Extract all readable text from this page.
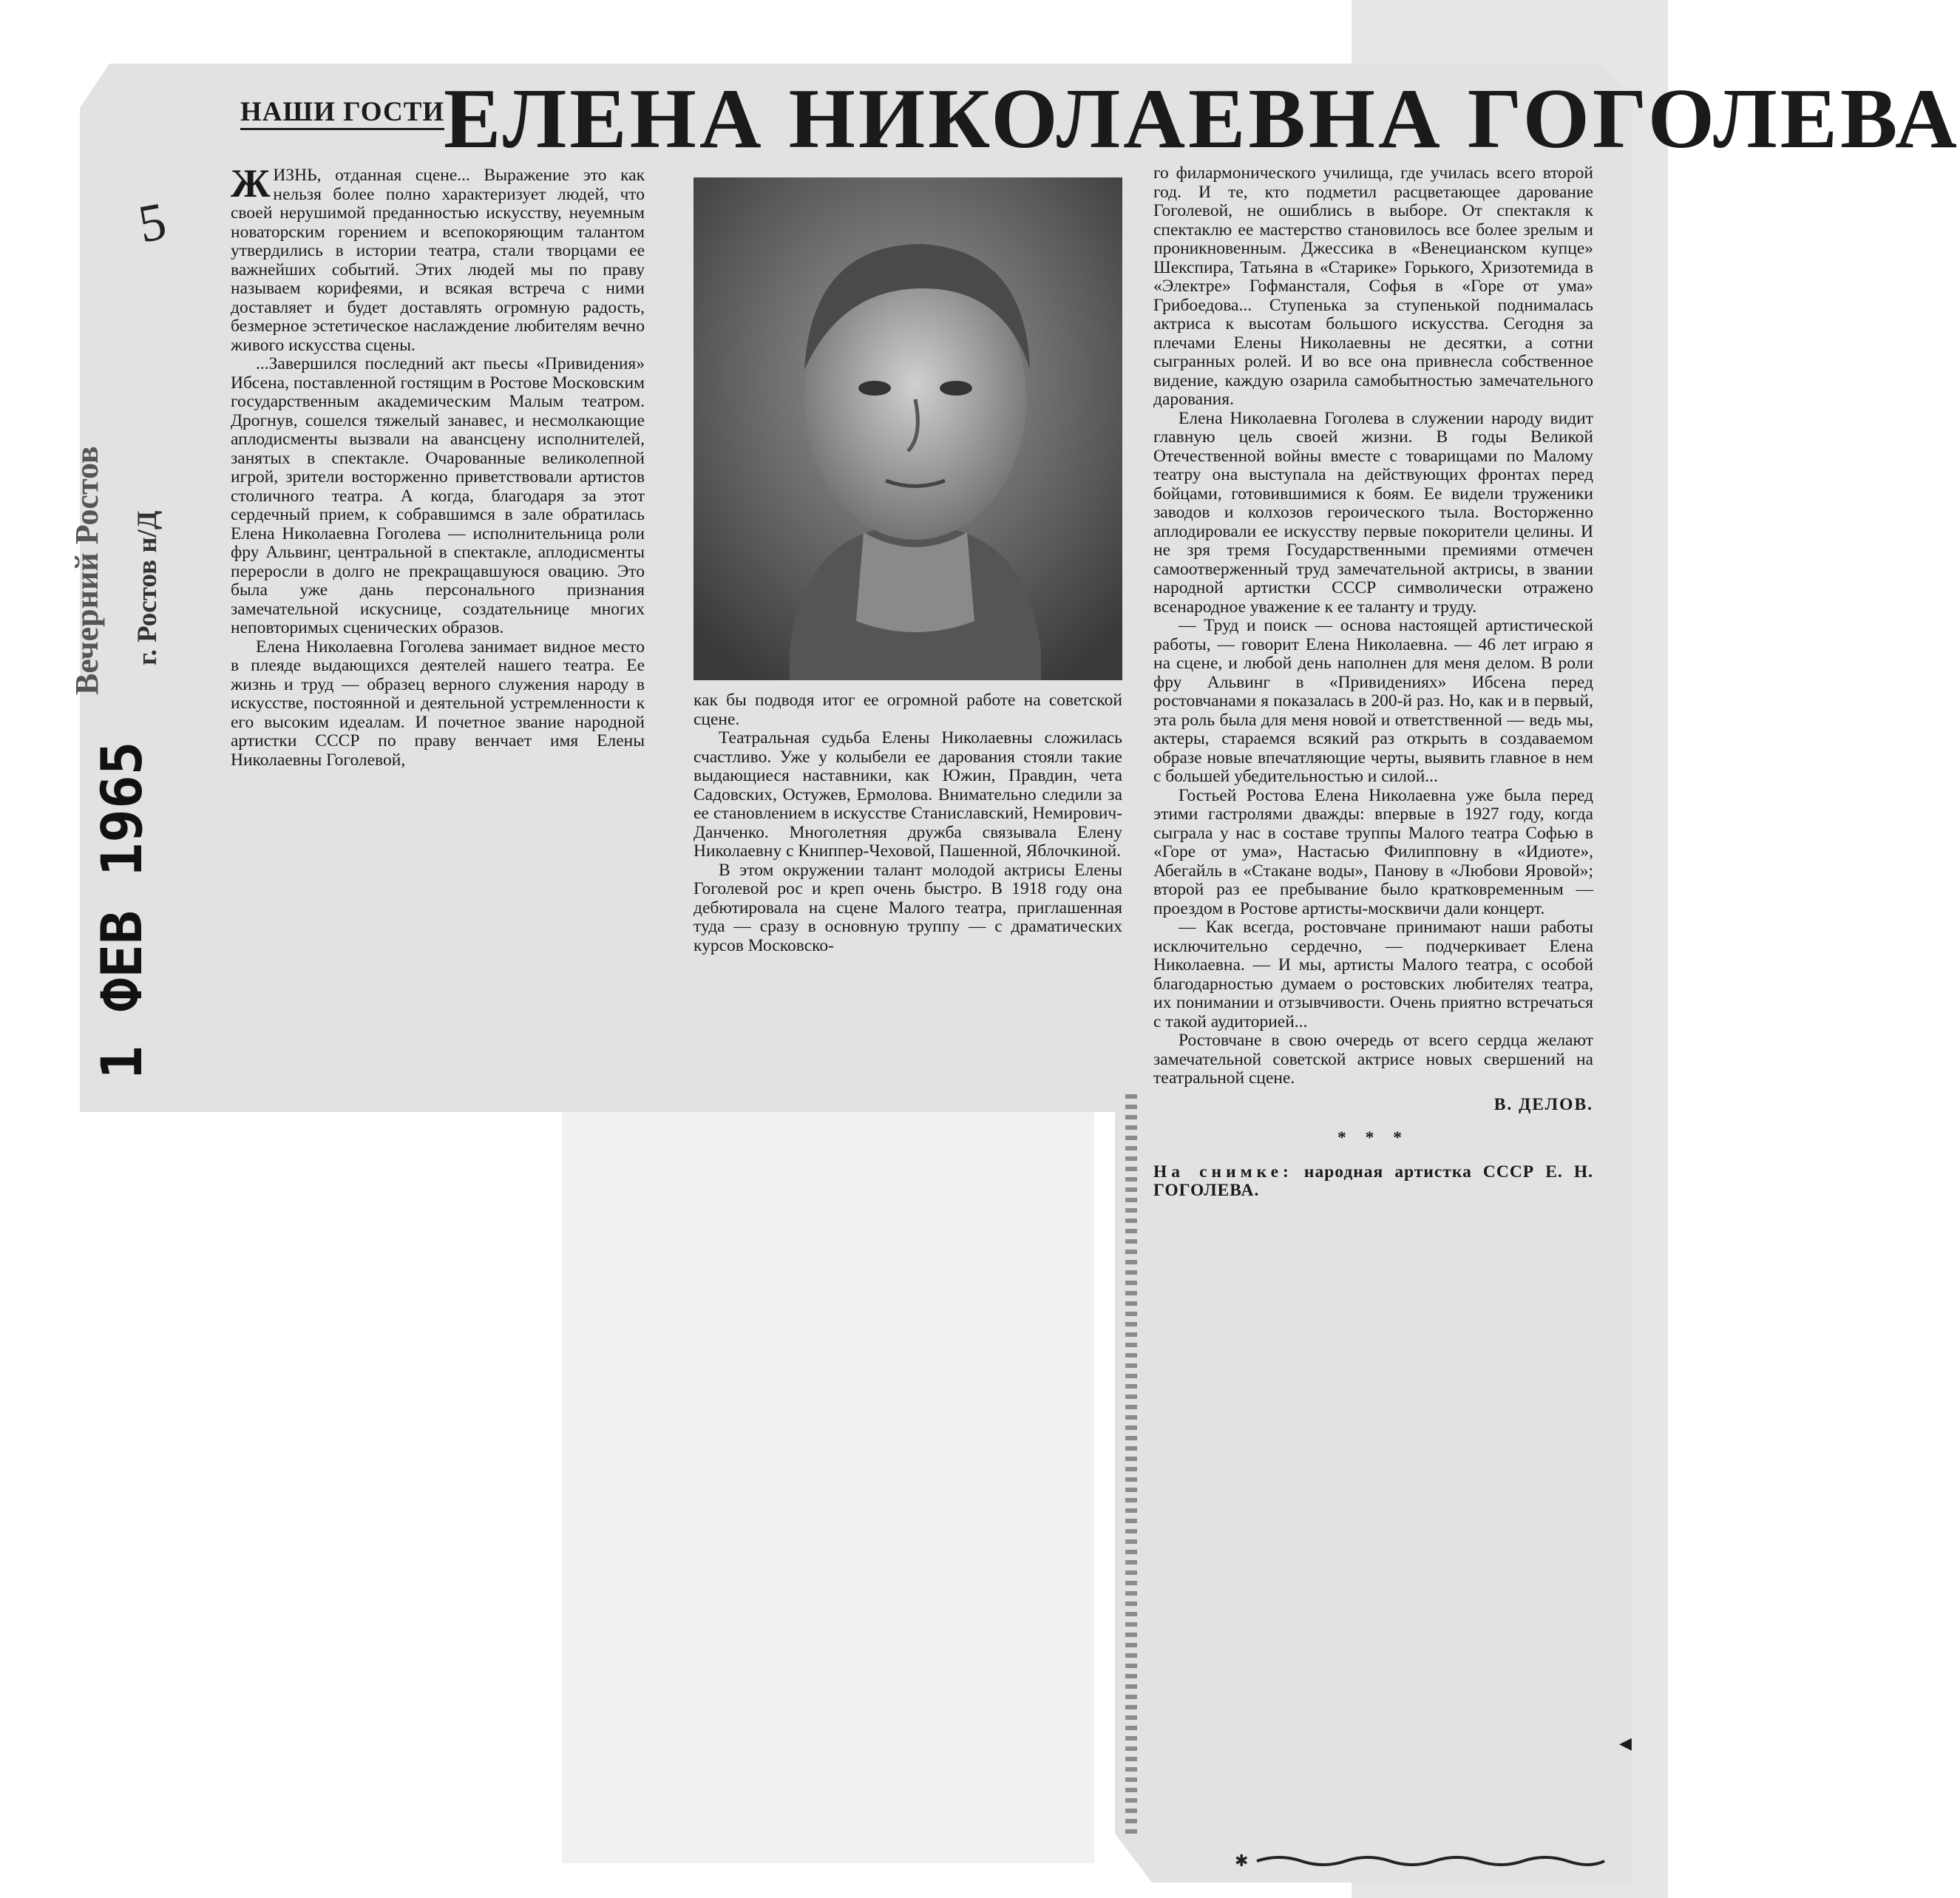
НАШИ ГОСТИ
ЕЛЕНА НИКОЛАЕВНА ГОГОЛЕВА
5
Вечерний Ростов г. Ростов н/Д
1 ФЕВ 1965

ЖИЗНЬ, отданная сцене... Выражение это как нельзя более полно характеризует людей, что своей нерушимой преданностью искусству, неуемным новаторским горением и всепокоряющим талантом утвердились в истории театра, стали творцами ее важнейших событий. Этих людей мы по праву называем корифеями, и всякая встреча с ними доставляет и будет доставлять огромную радость, безмерное эстетическое наслаждение любителям вечно живого искусства сцены.

...Завершился последний акт пьесы «Привидения» Ибсена, поставленной гостящим в Ростове Московским государственным академическим Малым театром. Дрогнув, сошелся тяжелый занавес, и несмолкающие аплодисменты вызвали на авансцену исполнителей, занятых в спектакле. Очарованные великолепной игрой, зрители восторженно приветствовали артистов столичного театра. А когда, благодаря за этот сердечный прием, к собравшимся в зале обратилась Елена Николаевна Гоголева — исполнительница роли фру Альвинг, центральной в спектакле, аплодисменты переросли в долго не прекращавшуюся овацию. Это была уже дань персонального признания замечательной искуснице, создательнице многих неповторимых сценических образов.

Елена Николаевна Гоголева занимает видное место в плеяде выдающихся деятелей нашего театра. Ее жизнь и труд — образец верного служения народу в искусстве, постоянной и деятельной устремленности к его высоким идеалам. И почетное звание народной артистки СССР по праву венчает имя Елены Николаевны Гоголевой,

как бы подводя итог ее огромной работе на советской сцене.

Театральная судьба Елены Николаевны сложилась счастливо. Уже у колыбели ее дарования стояли такие выдающиеся наставники, как Южин, Правдин, чета Садовских, Остужев, Ермолова. Внимательно следили за ее становлением в искусстве Станиславский, Немирович-Данченко. Многолетняя дружба связывала Елену Николаевну с Книппер-Чеховой, Пашенной, Яблочкиной.

В этом окружении талант молодой актрисы Елены Гоголевой рос и креп очень быстро. В 1918 году она дебютировала на сцене Малого театра, приглашенная туда — сразу в основную труппу — с драматических курсов Московско-

го филармонического училища, где училась всего второй год. И те, кто подметил расцветающее дарование Гоголевой, не ошиблись в выборе. От спектакля к спектаклю ее мастерство становилось все более зрелым и проникновенным. Джессика в «Венецианском купце» Шекспира, Татьяна в «Старике» Горького, Хризотемида в «Электре» Гофмансталя, Софья в «Горе от ума» Грибоедова... Ступенька за ступенькой поднималась актриса к высотам большого искусства. Сегодня за плечами Елены Николаевны не десятки, а сотни сыгранных ролей. И во все она привнесла собственное видение, каждую озарила самобытностью замечательного дарования.

Елена Николаевна Гоголева в служении народу видит главную цель своей жизни. В годы Великой Отечественной войны вместе с товарищами по Малому театру она выступала на действующих фронтах перед бойцами, готовившимися к боям. Ее видели труженики заводов и колхозов героического тыла. Восторженно аплодировали ее искусству первые покорители целины. И не зря тремя Государственными премиями отмечен самоотверженный труд замечательной актрисы, в звании народной артистки СССР символически отражено всенародное уважение к ее таланту и труду.

— Труд и поиск — основа настоящей артистической работы, — говорит Елена Николаевна. — 46 лет играю я на сцене, и любой день наполнен для меня делом. В роли фру Альвинг в «Привидениях» Ибсена перед ростовчанами я показалась в 200-й раз. Но, как и в первый, эта роль была для меня новой и ответственной — ведь мы, актеры, стараемся всякий раз открыть в создаваемом образе новые впечатляющие черты, выявить главное в нем с большей убедительностью и силой...

Гостьей Ростова Елена Николаевна уже была перед этими гастролями дважды: впервые в 1927 году, когда сыграла у нас в составе труппы Малого театра Софью в «Горе от ума», Настасью Филипповну в «Идиоте», Абегайль в «Стакане воды», Панову в «Любови Яровой»; второй раз ее пребывание было кратковременным — проездом в Ростове артисты-москвичи дали концерт.

— Как всегда, ростовчане принимают наши работы исключительно сердечно, — подчеркивает Елена Николаевна. — И мы, артисты Малого театра, с особой благодарностью думаем о ростовских любителях театра, их понимании и отзывчивости. Очень приятно встречаться с такой аудиторией...

Ростовчане в свою очередь от всего сердца желают замечательной советской актрисе новых свершений на театральной сцене.

В. ДЕЛОВ.
* * *
На снимке: народная артистка СССР Е. Н. ГОГОЛЕВА.
◀
✱
